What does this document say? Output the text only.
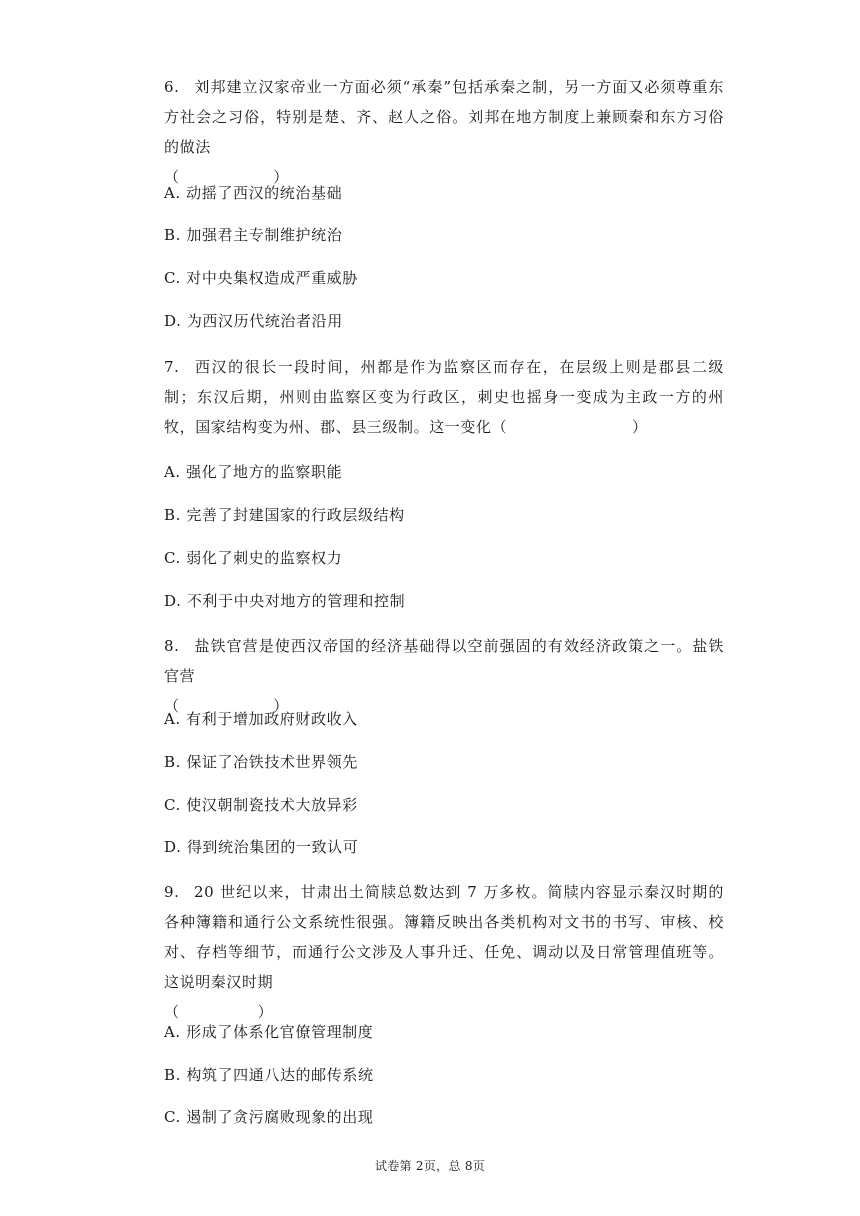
6. 刘邦建立汉家帝业一方面必须“承秦”包括承秦之制，另一方面又必须尊重东方社会之习俗，特别是楚、齐、赵人之俗。刘邦在地方制度上兼顾秦和东方习俗的做法
（　　　　　　）
A. 动摇了西汉的统治基础
B. 加强君主专制维护统治
C. 对中央集权造成严重威胁
D. 为西汉历代统治者沿用
7. 西汉的很长一段时间，州都是作为监察区而存在，在层级上则是郡县二级制；东汉后期，州则由监察区变为行政区，刺史也摇身一变成为主政一方的州牧，国家结构变为州、郡、县三级制。这一变化（　　　　　　　　）
A. 强化了地方的监察职能
B. 完善了封建国家的行政层级结构
C. 弱化了刺史的监察权力
D. 不利于中央对地方的管理和控制
8. 盐铁官营是使西汉帝国的经济基础得以空前强固的有效经济政策之一。盐铁官营
（　　　　　　）
A. 有利于增加政府财政收入
B. 保证了冶铁技术世界领先
C. 使汉朝制瓷技术大放异彩
D. 得到统治集团的一致认可
9. 20 世纪以来，甘肃出土简牍总数达到 7 万多枚。简牍内容显示秦汉时期的各种簿籍和通行公文系统性很强。簿籍反映出各类机构对文书的书写、审核、校对、存档等细节，而通行公文涉及人事升迁、任免、调动以及日常管理值班等。这说明秦汉时期
（　　　　　）
A. 形成了体系化官僚管理制度
B. 构筑了四通八达的邮传系统
C. 遏制了贪污腐败现象的出现
试卷第 2页，总 8页
